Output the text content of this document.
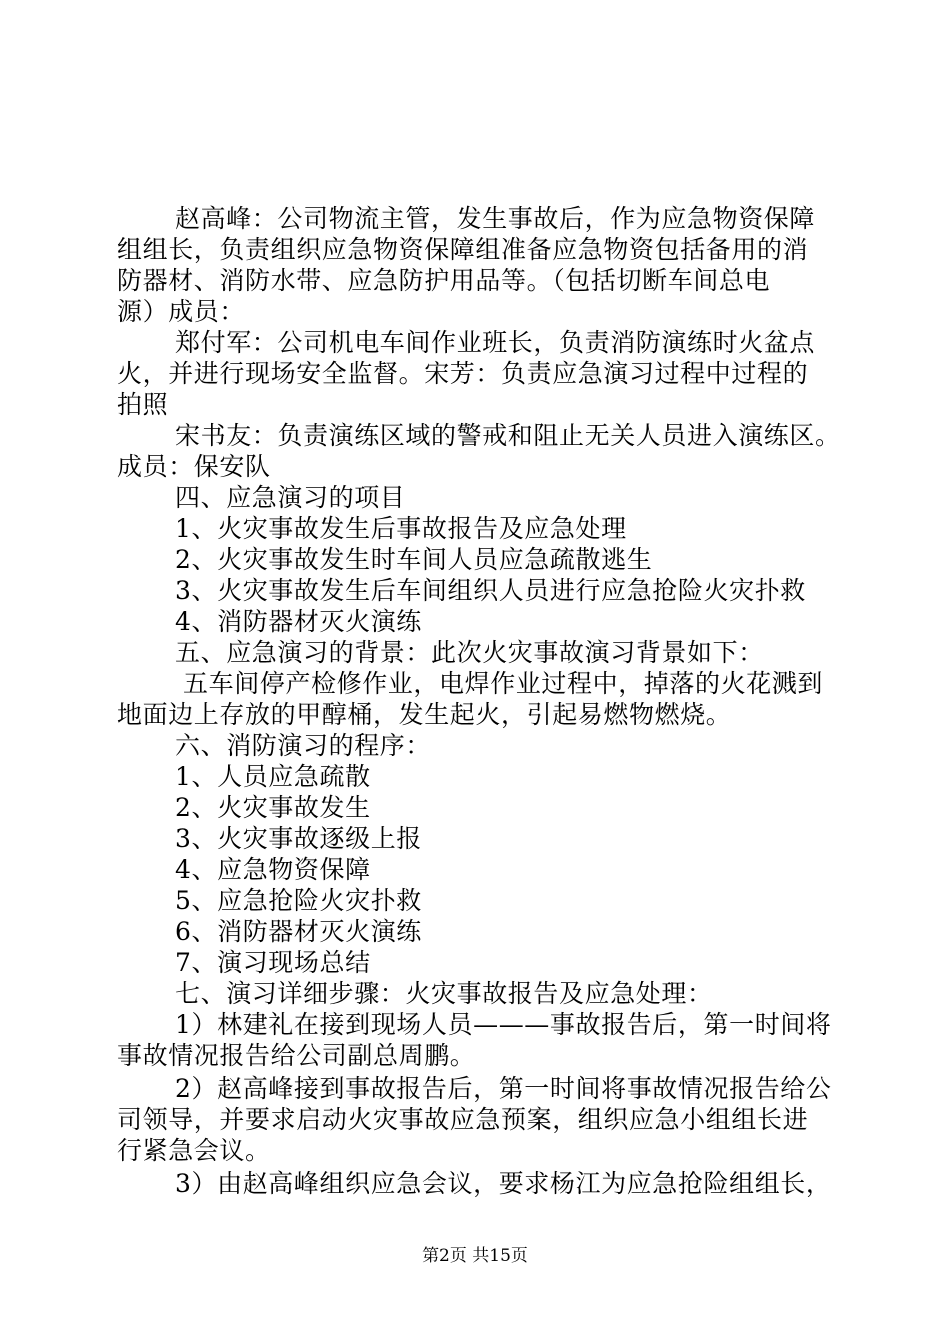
赵高峰：公司物流主管，发生事故后，作为应急物资保障
组组长，负责组织应急物资保障组准备应急物资包括备用的消
防器材、消防水带、应急防护用品等。（包括切断车间总电
源）成员：
郑付军：公司机电车间作业班长，负责消防演练时火盆点
火，并进行现场安全监督。宋芳：负责应急演习过程中过程的
拍照
宋书友：负责演练区域的警戒和阻止无关人员进入演练区。
成员：保安队
四、应急演习的项目
1、火灾事故发生后事故报告及应急处理
2、火灾事故发生时车间人员应急疏散逃生
3、火灾事故发生后车间组织人员进行应急抢险火灾扑救
4、消防器材灭火演练
五、应急演习的背景：此次火灾事故演习背景如下：
五车间停产检修作业，电焊作业过程中，掉落的火花溅到
地面边上存放的甲醇桶，发生起火，引起易燃物燃烧。
六、消防演习的程序：
1、人员应急疏散
2、火灾事故发生
3、火灾事故逐级上报
4、应急物资保障
5、应急抢险火灾扑救
6、消防器材灭火演练
7、演习现场总结
七、演习详细步骤：火灾事故报告及应急处理：
1）林建礼在接到现场人员———事故报告后，第一时间将
事故情况报告给公司副总周鹏。
2）赵高峰接到事故报告后，第一时间将事故情况报告给公
司领导，并要求启动火灾事故应急预案，组织应急小组组长进
行紧急会议。
3）由赵高峰组织应急会议，要求杨江为应急抢险组组长，
第2页 共15页
